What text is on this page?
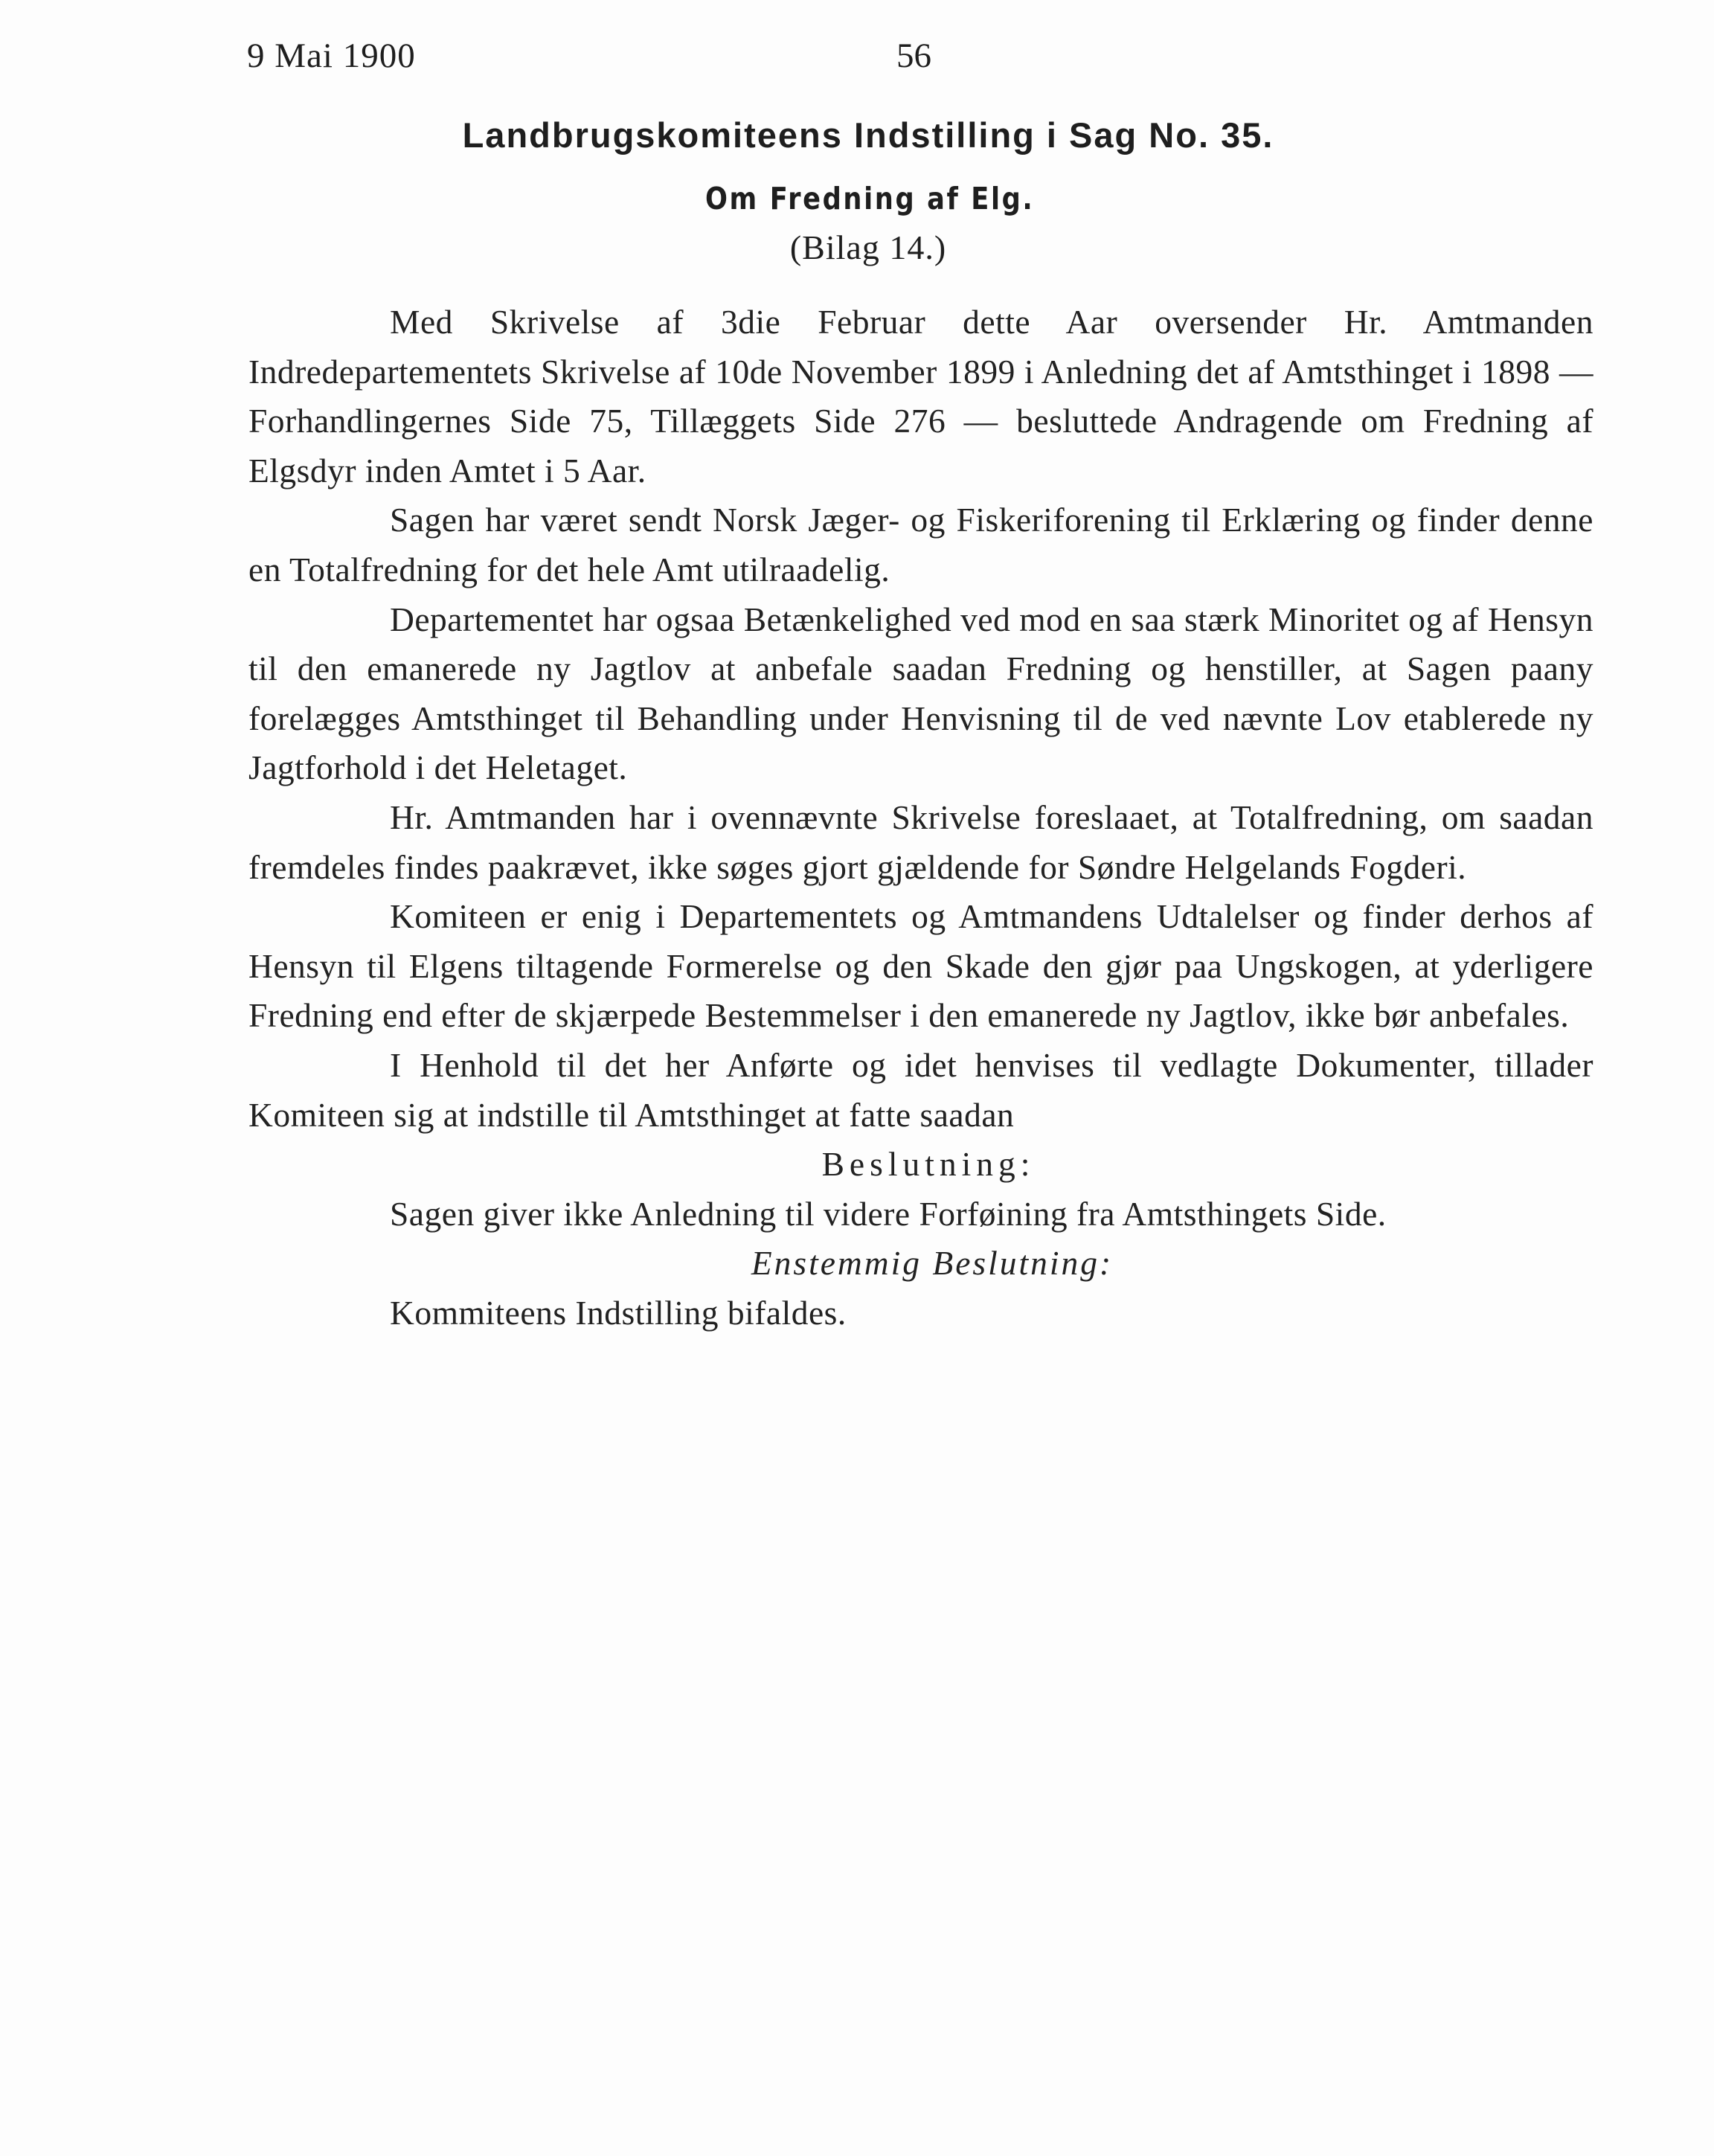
9 Mai 1900	56
Landbrugskomiteens Indstilling i Sag No. 35.
Om Fredning af Elg.
(Bilag 14.)

Med Skrivelse af 3die Februar dette Aar oversender Hr. Amtmanden Indredepartementets Skrivelse af 10de November 1899 i Anledning det af Amtsthinget i 1898 — Forhandlingernes Side 75, Tillæggets Side 276 — besluttede Andragende om Fredning af Elgsdyr inden Amtet i 5 Aar.

Sagen har været sendt Norsk Jæger- og Fiskeriforening til Erklæring og finder denne en Totalfredning for det hele Amt utilraadelig.

Departementet har ogsaa Betænkelighed ved mod en saa stærk Minoritet og af Hensyn til den emanerede ny Jagtlov at anbefale saadan Fredning og henstiller, at Sagen paany forelægges Amtsthinget til Behandling under Henvisning til de ved nævnte Lov etablerede ny Jagtforhold i det Heletaget.

Hr. Amtmanden har i ovennævnte Skrivelse foreslaaet, at Totalfredning, om saadan fremdeles findes paakrævet, ikke søges gjort gjældende for Søndre Helgelands Fogderi.

Komiteen er enig i Departementets og Amtmandens Udtalelser og finder derhos af Hensyn til Elgens tiltagende Formerelse og den Skade den gjør paa Ungskogen, at yderligere Fredning end efter de skjærpede Bestemmelser i den emanerede ny Jagtlov, ikke bør anbefales.

I Henhold til det her Anførte og idet henvises til vedlagte Dokumenter, tillader Komiteen sig at indstille til Amtsthinget at fatte saadan

Beslutning:

Sagen giver ikke Anledning til videre Forføining fra Amtsthingets Side.

Enstemmig Beslutning:

Kommiteens Indstilling bifaldes.
